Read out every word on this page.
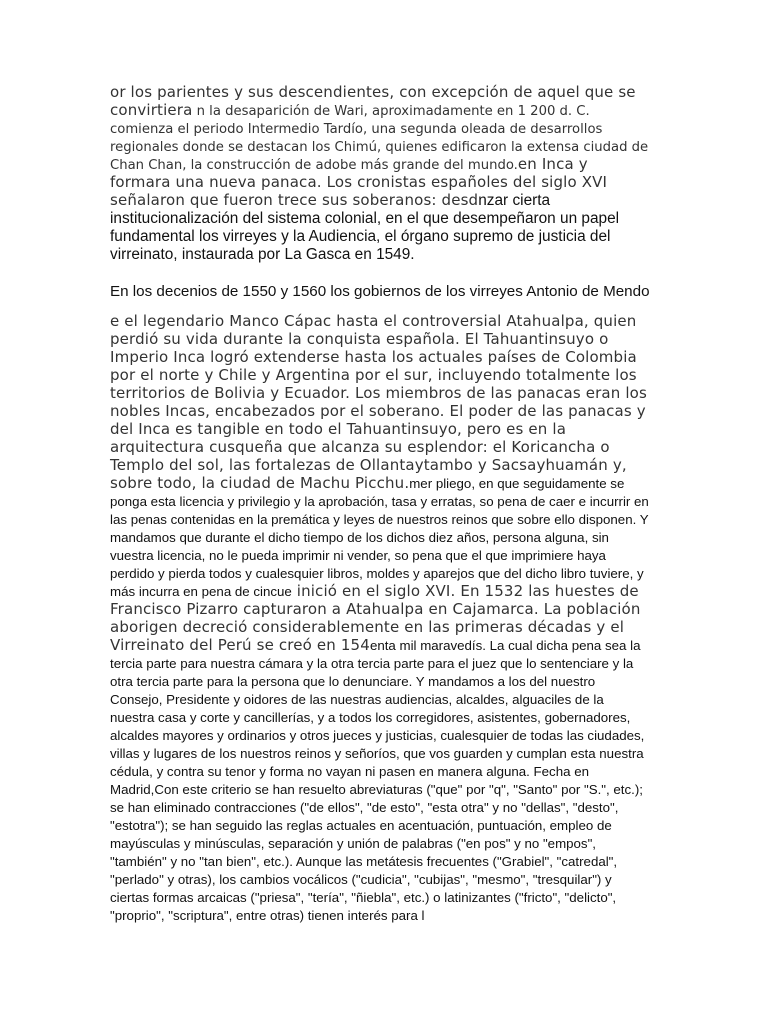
or los parientes y sus descendientes, con excepción de aquel que se convirtiera n la desaparición de Wari, aproximadamente en 1 200 d. C. comienza el periodo Intermedio Tardío, una segunda oleada de desarrollos regionales donde se destacan los Chimú, quienes edificaron la extensa ciudad de Chan Chan, la construcción de adobe más grande del mundo.en Inca y formara una nueva panaca. Los cronistas españoles del siglo XVI señalaron que fueron trece sus soberanos: desdnzar cierta institucionalización del sistema colonial, en el que desempeñaron un papel fundamental los virreyes y la Audiencia, el órgano supremo de justicia del virreinato, instaurada por La Gasca en 1549.

En los decenios de 1550 y 1560 los gobiernos de los virreyes Antonio de Mendo

e el legendario Manco Cápac hasta el controversial Atahualpa, quien perdió su vida durante la conquista española. El Tahuantinsuyo o Imperio Inca logró extenderse hasta los actuales países de Colombia por el norte y Chile y Argentina por el sur, incluyendo totalmente los territorios de Bolivia y Ecuador. Los miembros de las panacas eran los nobles Incas, encabezados por el soberano. El poder de las panacas y del Inca es tangible en todo el Tahuantinsuyo, pero es en la arquitectura cusqueña que alcanza su esplendor: el Koricancha o Templo del sol, las fortalezas de Ollantaytambo y Sacsayhuamán y, sobre todo, la ciudad de Machu Picchu.mer pliego, en que seguidamente se ponga esta licencia y privilegio y la aprobación, tasa y erratas, so pena de caer e incurrir en las penas contenidas en la premática y leyes de nuestros reinos que sobre ello disponen. Y mandamos que durante el dicho tiempo de los dichos diez años, persona alguna, sin vuestra licencia, no le pueda imprimir ni vender, so pena que el que imprimiere haya perdido y pierda todos y cualesquier libros, moldes y aparejos que del dicho libro tuviere, y más incurra en pena de cincue inició en el siglo XVI. En 1532 las huestes de Francisco Pizarro capturaron a Atahualpa en Cajamarca. La población aborigen decreció considerablemente en las primeras décadas y el Virreinato del Perú se creó en 154enta mil maravedís. La cual dicha pena sea la tercia parte para nuestra cámara y la otra tercia parte para el juez que lo sentenciare y la otra tercia parte para la persona que lo denunciare. Y mandamos a los del nuestro Consejo, Presidente y oidores de las nuestras audiencias, alcaldes, alguaciles de la nuestra casa y corte y cancillerías, y a todos los corregidores, asistentes, gobernadores, alcaldes mayores y ordinarios y otros jueces y justicias, cualesquier de todas las ciudades, villas y lugares de los nuestros reinos y señoríos, que vos guarden y cumplan esta nuestra cédula, y contra su tenor y forma no vayan ni pasen en manera alguna. Fecha en Madrid,Con este criterio se han resuelto abreviaturas ("que" por "q", "Santo" por "S.", etc.); se han eliminado contracciones ("de ellos", "de esto", "esta otra" y no "dellas", "desto", "estotra"); se han seguido las reglas actuales en acentuación, puntuación, empleo de mayúsculas y minúsculas, separación y unión de palabras ("en pos" y no "empos", "también" y no "tan bien", etc.). Aunque las metátesis frecuentes ("Grabiel", "catredal", "perlado" y otras), los cambios vocálicos ("cudicia", "cubijas", "mesmo", "tresquilar") y ciertas formas arcaicas ("priesa", "tería", "ñiebla", etc.) o latinizantes ("fricto", "delicto", "proprio", "scriptura", entre otras) tienen interés para l
